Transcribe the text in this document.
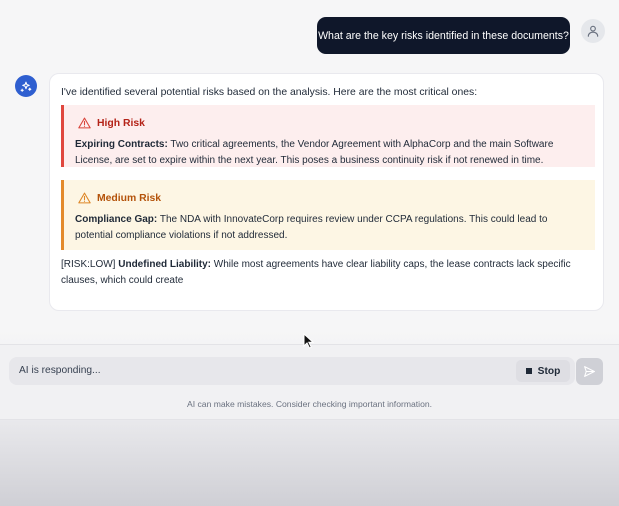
What are the key risks identified in these documents?
I've identified several potential risks based on the analysis. Here are the most critical ones:
High Risk
Expiring Contracts: Two critical agreements, the Vendor Agreement with AlphaCorp and the main Software License, are set to expire within the next year. This poses a business continuity risk if not renewed in time.
Medium Risk
Compliance Gap: The NDA with InnovateCorp requires review under CCPA regulations. This could lead to potential compliance violations if not addressed.
[RISK:LOW] Undefined Liability: While most agreements have clear liability caps, the lease contracts lack specific clauses, which could create
AI is responding...	Stop
AI can make mistakes. Consider checking important information.
